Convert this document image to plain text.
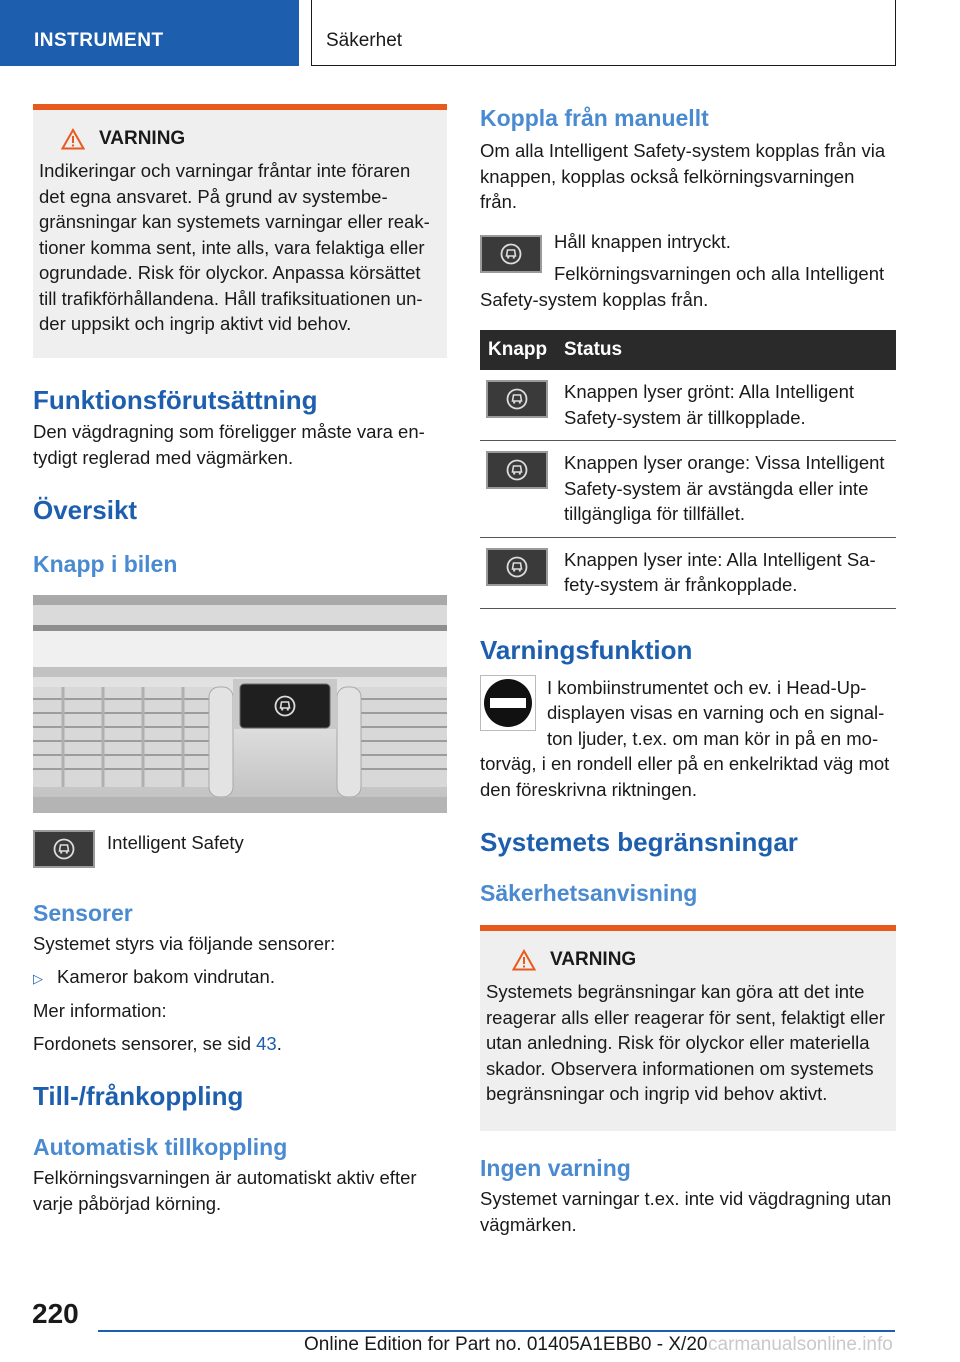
INSTRUMENT	Säkerhet
VARNING

Indikeringar och varningar fråntar inte föraren det egna ansvaret. På grund av systembegränsningar kan systemets varningar eller reaktioner komma sent, inte alls, vara felaktiga eller ogrundade. Risk för olyckor. Anpassa körsättet till trafikförhållandena. Håll trafiksituationen under uppsikt och ingrip aktivt vid behov.

Funktionsförutsättning

Den vägdragning som föreligger måste vara entydigt reglerad med vägmärken.

Översikt
Knapp i bilen

Intelligent Safety

Sensorer

Systemet styrs via följande sensorer:

▷ Kameror bakom vindrutan.

Mer information:

Fordonets sensorer, se sid 43.

Till-/frånkoppling
Automatisk tillkoppling

Felkörningsvarningen är automatiskt aktiv efter varje påbörjad körning.

Koppla från manuellt

Om alla Intelligent Safety-system kopplas från via knappen, kopplas också felkörningsvarningen från.

Håll knappen intryckt.

Felkörningsvarningen och alla Intelligent Safety-system kopplas från.

Knapp	Status

	Knappen lyser grönt: Alla Intelligent Safety-system är tillkopplade.

	Knappen lyser orange: Vissa Intelligent Safety-system är avstängda eller inte tillgängliga för tillfället.

	Knappen lyser inte: Alla Intelligent Safety-system är frånkopplade.
Varningsfunktion

I kombiinstrumentet och ev. i Head-Up-displayen visas en varning och en signalton ljuder, t.ex. om man kör in på en motorväg, i en rondell eller på en enkelriktad väg mot den föreskrivna riktningen.

Systemets begränsningar
Säkerhetsanvisning
VARNING

Systemets begränsningar kan göra att det inte reagerar alls eller reagerar för sent, felaktigt eller utan anledning. Risk för olyckor eller materiella skador. Observera informationen om systemets begränsningar och ingrip vid behov aktivt.

Ingen varning

Systemet varningar t.ex. inte vid vägdragning utan vägmärken.

220
Online Edition for Part no. 01405A1EBB0 - X/20 carmanualsonline.info
